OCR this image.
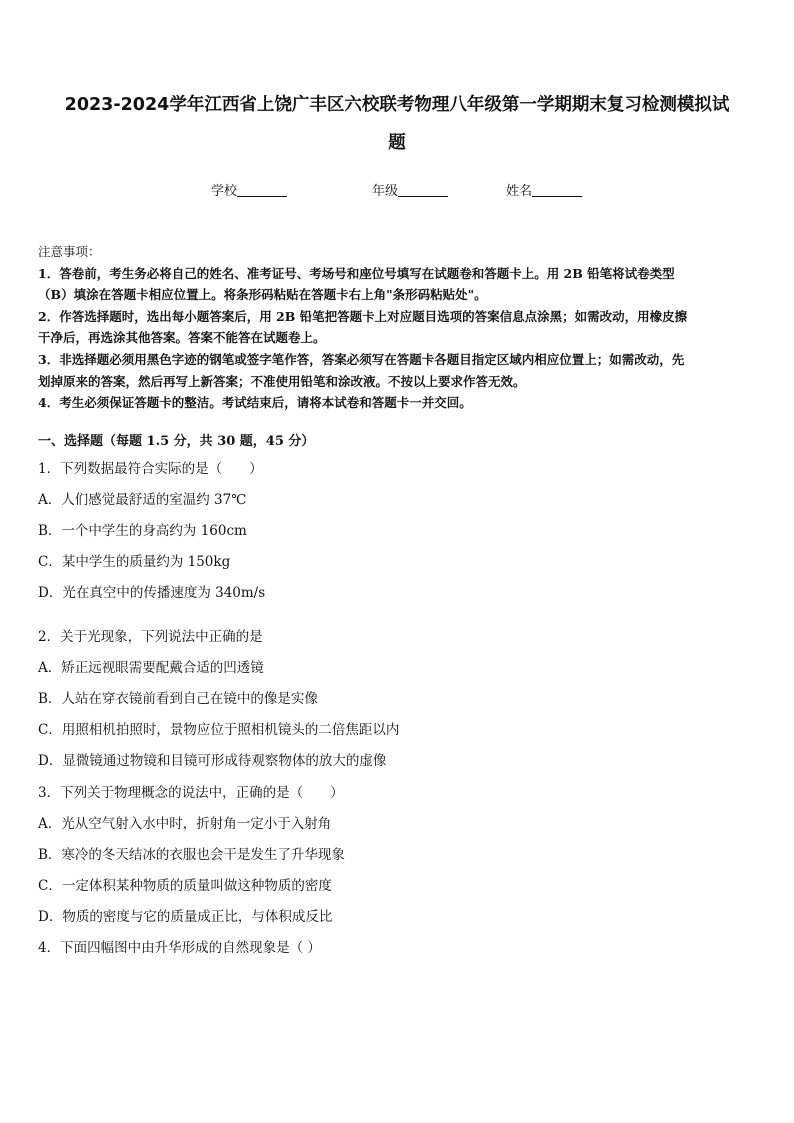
2023-2024学年江西省上饶广丰区六校联考物理八年级第一学期期末复习检测模拟试
题
学校	年级	姓名

注意事项：

1．答卷前，考生务必将自己的姓名、准考证号、考场号和座位号填写在试题卷和答题卡上。用 2B 铅笔将试卷类型

（B）填涂在答题卡相应位置上。将条形码粘贴在答题卡右上角"条形码粘贴处"。

2．作答选择题时，选出每小题答案后，用 2B 铅笔把答题卡上对应题目选项的答案信息点涂黑；如需改动，用橡皮擦

干净后，再选涂其他答案。答案不能答在试题卷上。

3．非选择题必须用黑色字迹的钢笔或签字笔作答，答案必须写在答题卡各题目指定区域内相应位置上；如需改动，先

划掉原来的答案，然后再写上新答案；不准使用铅笔和涂改液。不按以上要求作答无效。

4．考生必须保证答题卡的整洁。考试结束后，请将本试卷和答题卡一并交回。

一、选择题（每题 1.5 分，共 30 题，45 分）
1．下列数据最符合实际的是（　　）
A．人们感觉最舒适的室温约 37℃
B．一个中学生的身高约为 160cm
C．某中学生的质量约为 150kg
D．光在真空中的传播速度为 340m/s
2．关于光现象，下列说法中正确的是
A．矫正远视眼需要配戴合适的凹透镜
B．人站在穿衣镜前看到自己在镜中的像是实像
C．用照相机拍照时，景物应位于照相机镜头的二倍焦距以内
D．显微镜通过物镜和目镜可形成待观察物体的放大的虚像
3．下列关于物理概念的说法中，正确的是（　　）
A．光从空气射入水中时，折射角一定小于入射角
B．寒冷的冬天结冰的衣服也会干是发生了升华现象
C．一定体积某种物质的质量叫做这种物质的密度
D．物质的密度与它的质量成正比，与体积成反比
4．下面四幅图中由升华形成的自然现象是（ ）
